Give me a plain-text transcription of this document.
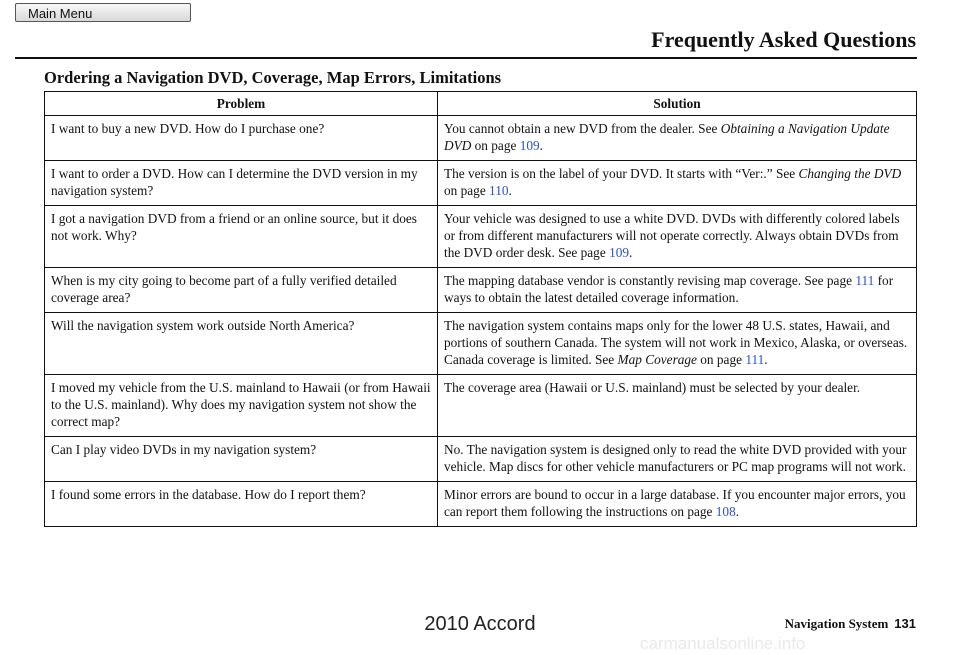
Main Menu
Frequently Asked Questions
Ordering a Navigation DVD, Coverage, Map Errors, Limitations
Problem	Solution
I want to buy a new DVD. How do I purchase one?	You cannot obtain a new DVD from the dealer. See Obtaining a Navigation Update DVD on page 109.
I want to order a DVD. How can I determine the DVD version in my navigation system?	The version is on the label of your DVD. It starts with “Ver:.” See Changing the DVD on page 110.
I got a navigation DVD from a friend or an online source, but it does not work. Why?	Your vehicle was designed to use a white DVD. DVDs with differently colored labels or from different manufacturers will not operate correctly. Always obtain DVDs from the DVD order desk. See page 109.
When is my city going to become part of a fully verified detailed coverage area?	The mapping database vendor is constantly revising map coverage. See page 111 for ways to obtain the latest detailed coverage information.
Will the navigation system work outside North America?	The navigation system contains maps only for the lower 48 U.S. states, Hawaii, and portions of southern Canada. The system will not work in Mexico, Alaska, or overseas. Canada coverage is limited. See Map Coverage on page 111.
I moved my vehicle from the U.S. mainland to Hawaii (or from Hawaii to the U.S. mainland). Why does my navigation system not show the correct map?	The coverage area (Hawaii or U.S. mainland) must be selected by your dealer.
Can I play video DVDs in my navigation system?	No. The navigation system is designed only to read the white DVD provided with your vehicle. Map discs for other vehicle manufacturers or PC map programs will not work.
I found some errors in the database. How do I report them?	Minor errors are bound to occur in a large database. If you encounter major errors, you can report them following the instructions on page 108.
Navigation System 131
2010 Accord
carmanualsonline.info
